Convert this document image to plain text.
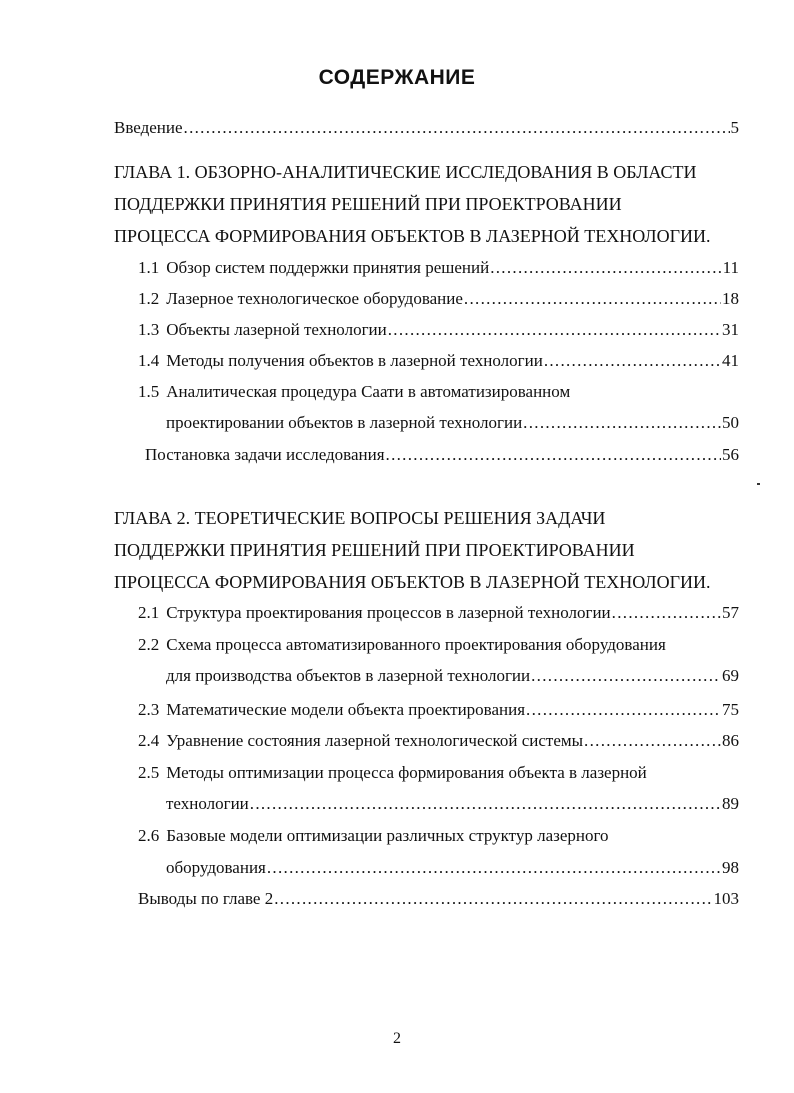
СОДЕРЖАНИЕ
Введение .....	5
ГЛАВА 1. ОБЗОРНО-АНАЛИТИЧЕСКИЕ ИССЛЕДОВАНИЯ В ОБЛАСТИ
ПОДДЕРЖКИ ПРИНЯТИЯ РЕШЕНИЙ ПРИ ПРОЕКТРОВАНИИ
ПРОЦЕССА ФОРМИРОВАНИЯ ОБЪЕКТОВ В ЛАЗЕРНОЙ ТЕХНОЛОГИИ.
1.1 Обзор систем поддержки принятия решений .....	11
1.2 Лазерное технологическое оборудование .....	18
1.3 Объекты лазерной технологии .....	31
1.4 Методы получения объектов в лазерной технологии .....	41
1.5 Аналитическая процедура Саати в автоматизированном
проектировании объектов в лазерной технологии .....	50
Постановка задачи исследования .....	56
ГЛАВА 2. ТЕОРЕТИЧЕСКИЕ ВОПРОСЫ РЕШЕНИЯ ЗАДАЧИ
ПОДДЕРЖКИ ПРИНЯТИЯ РЕШЕНИЙ ПРИ ПРОЕКТИРОВАНИИ
ПРОЦЕССА ФОРМИРОВАНИЯ ОБЪЕКТОВ В ЛАЗЕРНОЙ ТЕХНОЛОГИИ.
2.1 Структура проектирования процессов в лазерной технологии .....	57
2.2 Схема процесса автоматизированного проектирования оборудования
для производства объектов в лазерной технологии .....	69
2.3 Математические модели объекта проектирования .....	75
2.4 Уравнение состояния лазерной технологической системы .....	86
2.5 Методы оптимизации процесса формирования объекта в лазерной
технологии .....	89
2.6 Базовые модели оптимизации различных структур лазерного
оборудования .....	98
Выводы по главе 2 .....	103
2
